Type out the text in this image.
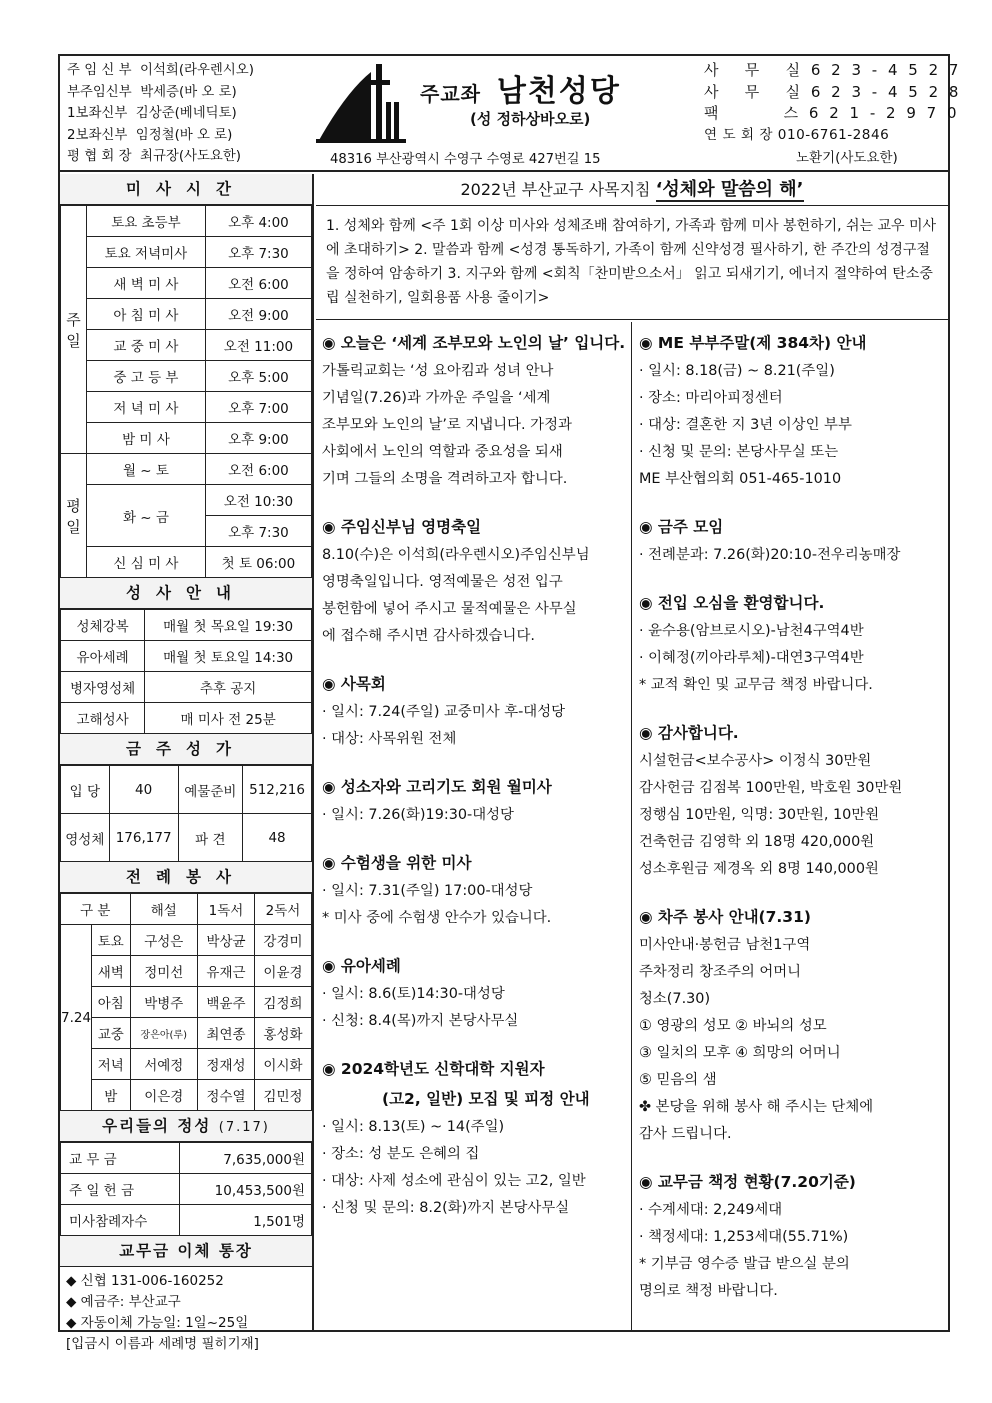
주 임 신 부  이석희(라우렌시오)
부주임신부  박세증(바 오 로)
1보좌신부  김상준(베네딕토)
2보좌신부  임정철(바 오 로)
평 협 회 장  최규장(사도요한)
주교좌 남천성당
(성 정하상바오로)
48316 부산광역시 수영구 수영로 427번길 15
사   무   실 6 2 3 - 4 5 2 7
사   무   실 6 2 3 - 4 5 2 8
팩        스 6 2 1 - 2 9 7 0
연 도 회 장 010-6761-2846
노환기(사도요한)
미사시간
주일	토요 초등부	오후 4:00
	토요 저녁미사	오후 7:30
	새 벽 미 사	오전 6:00
	아 침 미 사	오전 9:00
	교 중 미 사	오전 11:00
	중 고 등 부	오후 5:00
	저 녁 미 사	오후 7:00
	밤 미 사	오후 9:00
평일	월 ~ 토	오전 6:00
	화 ~ 금	오전 10:30
		오후 7:30
	신 심 미 사	첫 토 06:00
성사안내
성체강복	매월 첫 목요일 19:30
유아세례	매월 첫 토요일 14:30
병자영성체	추후 공지
고해성사	매 미사 전 25분
금주성가
입 당	40	예물준비	512,216
영성체	176,177	파 견	48
전례봉사
구 분		해설	1독서	2독서
7.24	토요	구성은	박상균	강경미
	새벽	정미선	유재근	이윤경
	아침	박병주	백윤주	김정희
	교중	장은아(루)	최연종	홍성화
	저녁	서예정	정재성	이시화
	밤	이은경	정수열	김민정
우리들의 정성 (7.17)
교 무 금	7,635,000원
주 일 헌 금	10,453,500원
미사참례자수	1,501명
교무금 이체 통장
◆ 신협 131-006-160252
◆ 예금주: 부산교구
◆ 자동이체 가능일: 1일~25일
[입금시 이름과 세례명 필히기재]
2022년 부산교구 사목지침 ‘성체와 말씀의 해’
1. 성체와 함께 <주 1회 이상 미사와 성체조배 참여하기, 가족과 함께 미사 봉헌하기, 쉬는 교우 미사에 초대하기> 2. 말씀과 함께 <성경 통독하기, 가족이 함께 신약성경 필사하기, 한 주간의 성경구절을 정하여 암송하기 3. 지구와 함께 <회칙「찬미받으소서」 읽고 되새기기, 에너지 절약하여 탄소중립 실천하기, 일회용품 사용 줄이기>
◉ 오늘은 ‘세계 조부모와 노인의 날’ 입니다.
가톨릭교회는 ‘성 요아킴과 성녀 안나
기념일(7.26)과 가까운 주일을 ‘세계
조부모와 노인의 날’로 지냅니다. 가정과
사회에서 노인의 역할과 중요성을 되새
기며 그들의 소명을 격려하고자 합니다.
◉ 주임신부님 영명축일
8.10(수)은 이석희(라우렌시오)주임신부님
영명축일입니다. 영적예물은 성전 입구
봉헌함에 넣어 주시고 물적예물은 사무실
에 접수해 주시면 감사하겠습니다.
◉ 사목회
· 일시: 7.24(주일) 교중미사 후-대성당
· 대상: 사목위원 전체
◉ 성소자와 고리기도 회원 월미사
· 일시: 7.26(화)19:30-대성당
◉ 수험생을 위한 미사
· 일시: 7.31(주일) 17:00-대성당
* 미사 중에 수험생 안수가 있습니다.
◉ 유아세례
· 일시: 8.6(토)14:30-대성당
· 신청: 8.4(목)까지 본당사무실
◉ 2024학년도 신학대학 지원자
(고2, 일반) 모집 및 피정 안내
· 일시: 8.13(토) ~ 14(주일)
· 장소: 성 분도 은혜의 집
· 대상: 사제 성소에 관심이 있는 고2, 일반
· 신청 및 문의: 8.2(화)까지 본당사무실
◉ ME 부부주말(제 384차) 안내
· 일시: 8.18(금) ~ 8.21(주일)
· 장소: 마리아피정센터
· 대상: 결혼한 지 3년 이상인 부부
· 신청 및 문의: 본당사무실 또는
ME 부산협의회 051-465-1010
◉ 금주 모임
· 전례분과: 7.26(화)20:10-전우리농매장
◉ 전입 오심을 환영합니다.
· 윤수용(암브로시오)-남천4구역4반
· 이혜정(끼아라루체)-대연3구역4반
* 교적 확인 및 교무금 책정 바랍니다.
◉ 감사합니다.
시설헌금<보수공사> 이정식 30만원
감사헌금 김점복 100만원, 박호원 30만원
정행심 10만원, 익명: 30만원, 10만원
건축헌금 김영학 외 18명 420,000원
성소후원금 제경옥 외 8명 140,000원
◉ 차주 봉사 안내(7.31)
미사안내·봉헌금 남천1구역
주차정리 창조주의 어머니
청소(7.30)
① 영광의 성모 ② 바뇌의 성모
③ 일치의 모후 ④ 희망의 어머니
⑤ 믿음의 샘
✤ 본당을 위해 봉사 해 주시는 단체에
감사 드립니다.
◉ 교무금 책정 현황(7.20기준)
· 수계세대: 2,249세대
· 책정세대: 1,253세대(55.71%)
* 기부금 영수증 발급 받으실 분의
명의로 책정 바랍니다.
